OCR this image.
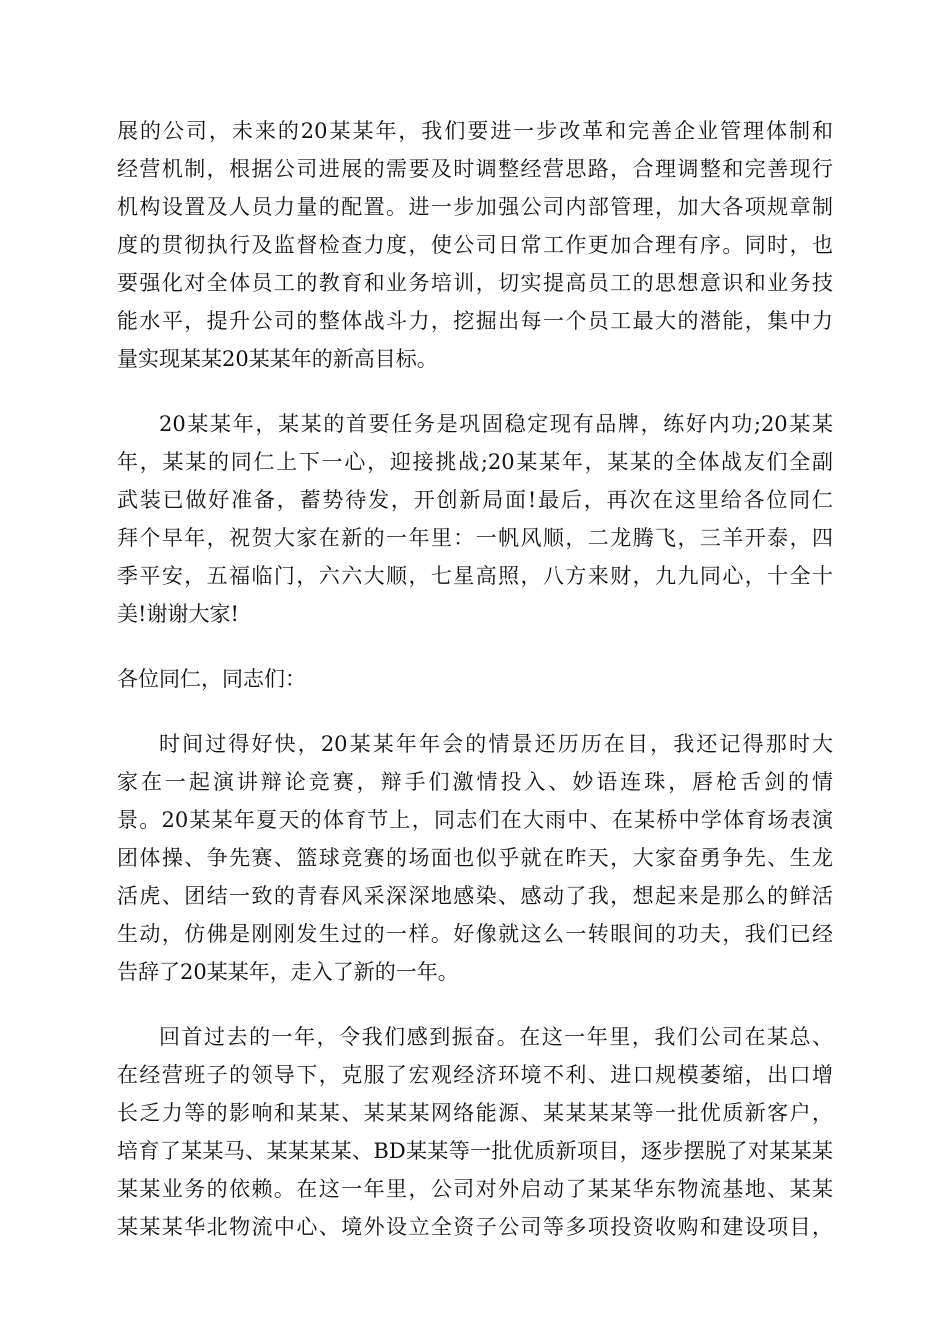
展的公司，未来的20某某年，我们要进一步改革和完善企业管理体制和
经营机制，根据公司进展的需要及时调整经营思路，合理调整和完善现行
机构设置及人员力量的配置。进一步加强公司内部管理，加大各项规章制
度的贯彻执行及监督检查力度，使公司日常工作更加合理有序。同时，也
要强化对全体员工的教育和业务培训，切实提高员工的思想意识和业务技
能水平，提升公司的整体战斗力，挖掘出每一个员工最大的潜能，集中力
量实现某某20某某年的新高目标。
20某某年，某某的首要任务是巩固稳定现有品牌，练好内功;20某某
年，某某的同仁上下一心，迎接挑战;20某某年，某某的全体战友们全副
武装已做好准备，蓄势待发，开创新局面!最后，再次在这里给各位同仁
拜个早年，祝贺大家在新的一年里：一帆风顺，二龙腾飞，三羊开泰，四
季平安，五福临门，六六大顺，七星高照，八方来财，九九同心，十全十
美!谢谢大家!
各位同仁，同志们：
时间过得好快，20某某年年会的情景还历历在目，我还记得那时大
家在一起演讲辩论竞赛，辩手们激情投入、妙语连珠，唇枪舌剑的情
景。20某某年夏天的体育节上，同志们在大雨中、在某桥中学体育场表演
团体操、争先赛、篮球竞赛的场面也似乎就在昨天，大家奋勇争先、生龙
活虎、团结一致的青春风采深深地感染、感动了我，想起来是那么的鲜活
生动，仿佛是刚刚发生过的一样。好像就这么一转眼间的功夫，我们已经
告辞了20某某年，走入了新的一年。
回首过去的一年，令我们感到振奋。在这一年里，我们公司在某总、
在经营班子的领导下，克服了宏观经济环境不利、进口规模萎缩，出口增
长乏力等的影响和某某、某某某网络能源、某某某某等一批优质新客户，
培育了某某马、某某某某、BD某某等一批优质新项目，逐步摆脱了对某某某
某某业务的依赖。在这一年里，公司对外启动了某某华东物流基地、某某
某某某华北物流中心、境外设立全资子公司等多项投资收购和建设项目，
